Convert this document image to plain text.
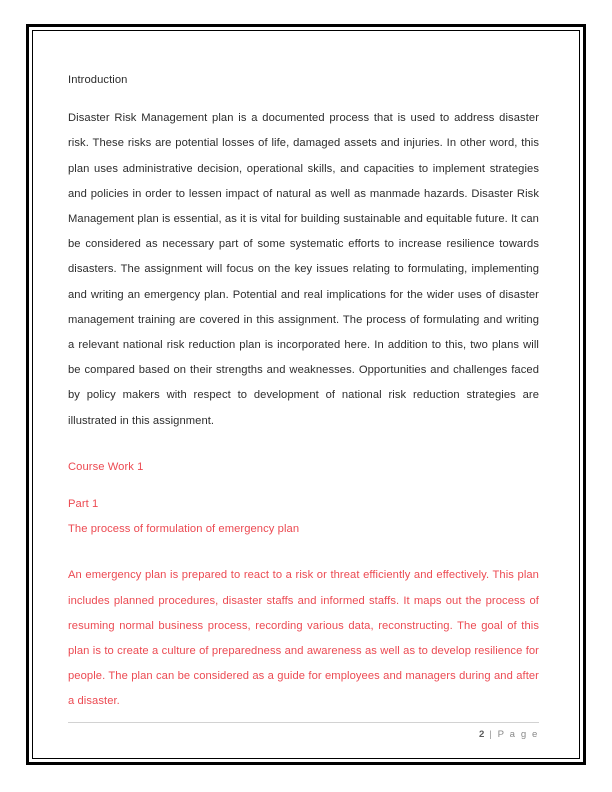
Introduction

Disaster Risk Management plan is a documented process that is used to address disaster risk. These risks are potential losses of life, damaged assets and injuries. In other word, this plan uses administrative decision, operational skills, and capacities to implement strategies and policies in order to lessen impact of natural as well as manmade hazards. Disaster Risk Management plan is essential, as it is vital for building sustainable and equitable future. It can be considered as necessary part of some systematic efforts to increase resilience towards disasters. The assignment will focus on the key issues relating to formulating, implementing and writing an emergency plan. Potential and real implications for the wider uses of disaster management training are covered in this assignment. The process of formulating and writing a relevant national risk reduction plan is incorporated here. In addition to this, two plans will be compared based on their strengths and weaknesses. Opportunities and challenges faced by policy makers with respect to development of national risk reduction strategies are illustrated in this assignment.

Course Work 1

Part 1

The process of formulation of emergency plan

An emergency plan is prepared to react to a risk or threat efficiently and effectively. This plan includes planned procedures, disaster staffs and informed staffs. It maps out the process of resuming normal business process, recording various data, reconstructing. The goal of this plan is to create a culture of preparedness and awareness as well as to develop resilience for people. The plan can be considered as a guide for employees and managers during and after a disaster.

2 | P a g e
